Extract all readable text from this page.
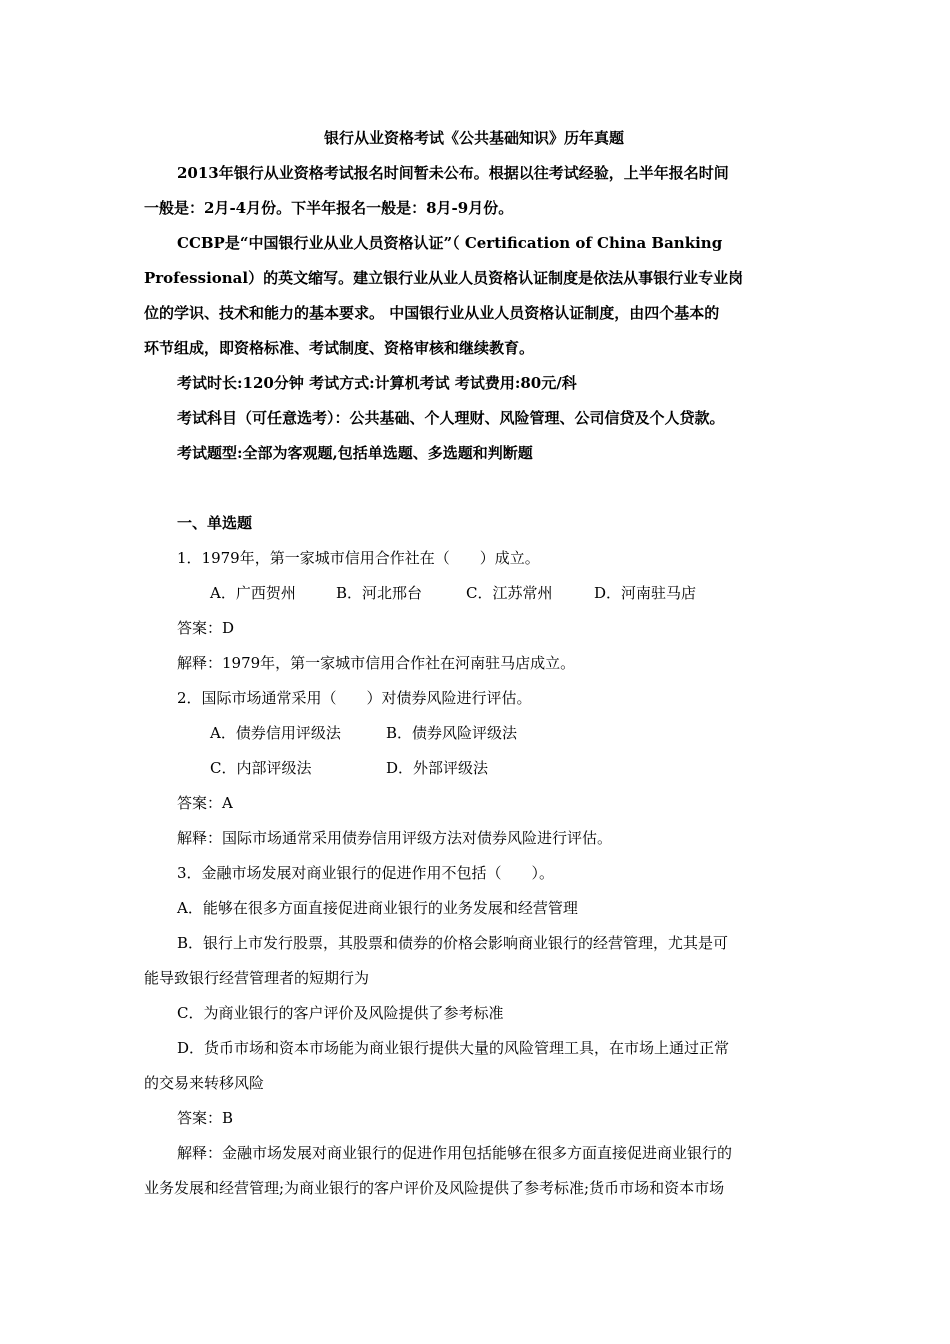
银行从业资格考试《公共基础知识》历年真题

2013年银行从业资格考试报名时间暂未公布。根据以往考试经验，上半年报名时间

一般是：2月-4月份。下半年报名一般是：8月-9月份。

CCBP是“中国银行业从业人员资格认证”（ Certification of China Banking

Professional）的英文缩写。建立银行业从业人员资格认证制度是依法从事银行业专业岗

位的学识、技术和能力的基本要求。 中国银行业从业人员资格认证制度，由四个基本的

环节组成，即资格标准、考试制度、资格审核和继续教育。

考试时长:120分钟 考试方式:计算机考试 考试费用:80元/科

考试科目（可任意选考）：公共基础、个人理财、风险管理、公司信贷及个人贷款。

考试题型:全部为客观题,包括单选题、多选题和判断题

一、单选题

1．1979年，第一家城市信用合作社在（　　）成立。

A．广西贺州	B．河北邢台	C．江苏常州	D．河南驻马店

答案：D

解释：1979年，第一家城市信用合作社在河南驻马店成立。

2．国际市场通常采用（　　）对债券风险进行评估。

A．债券信用评级法	B．债券风险评级法

C．内部评级法	D．外部评级法

答案：A

解释：国际市场通常采用债券信用评级方法对债券风险进行评估。

3．金融市场发展对商业银行的促进作用不包括（　　）。

A．能够在很多方面直接促进商业银行的业务发展和经营管理

B．银行上市发行股票，其股票和债券的价格会影响商业银行的经营管理，尤其是可

能导致银行经营管理者的短期行为

C．为商业银行的客户评价及风险提供了参考标准

D．货币市场和资本市场能为商业银行提供大量的风险管理工具，在市场上通过正常

的交易来转移风险

答案：B

解释：金融市场发展对商业银行的促进作用包括能够在很多方面直接促进商业银行的

业务发展和经营管理;为商业银行的客户评价及风险提供了参考标准;货币市场和资本市场
